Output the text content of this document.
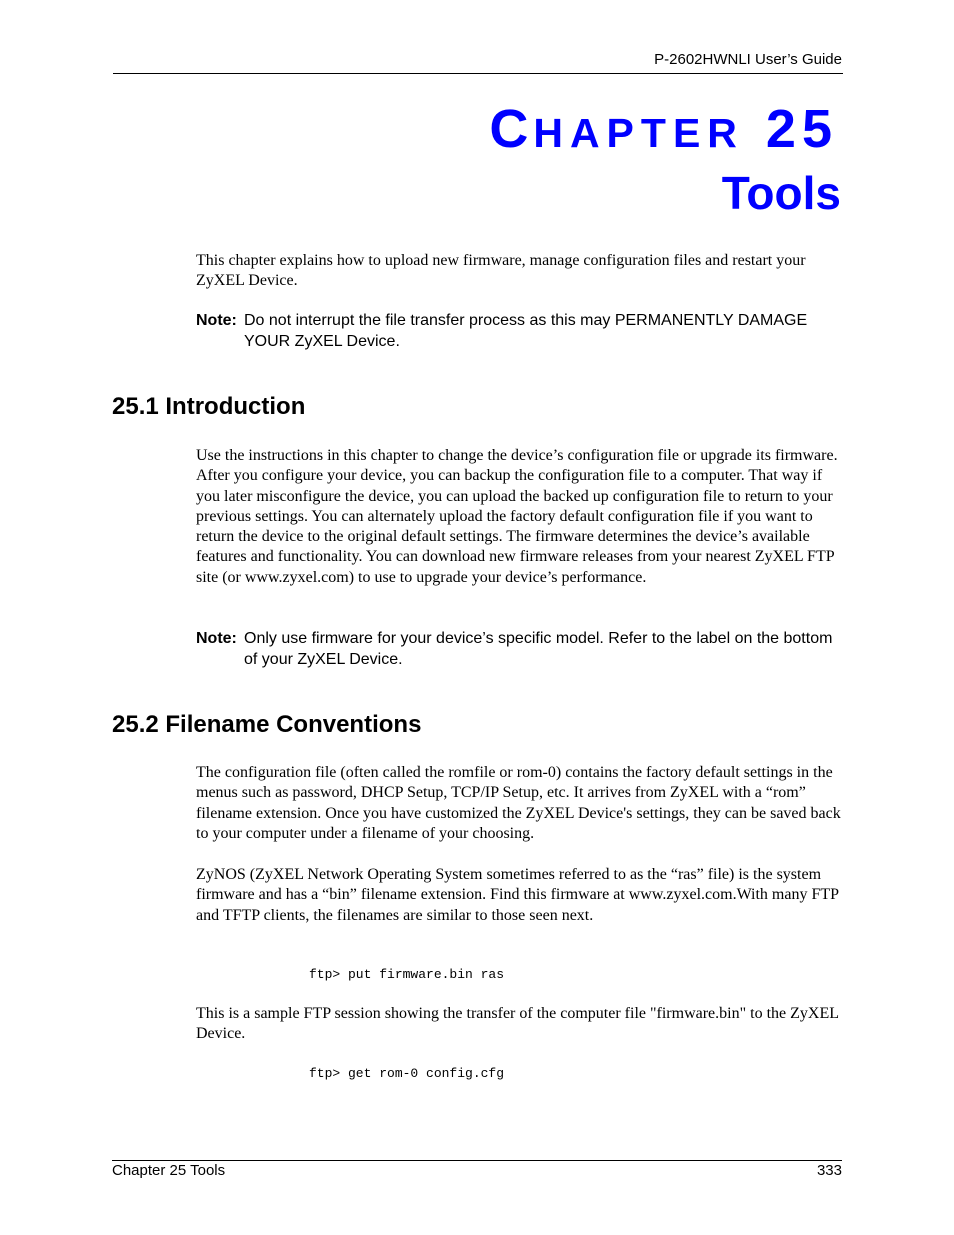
P-2602HWNLI User’s Guide
CHAPTER 25
Tools

This chapter explains how to upload new firmware, manage configuration files and restart your ZyXEL Device.

Note: Do not interrupt the file transfer process as this may PERMANENTLY DAMAGE YOUR ZyXEL Device.
25.1 Introduction

Use the instructions in this chapter to change the device’s configuration file or upgrade its firmware. After you configure your device, you can backup the configuration file to a computer. That way if you later misconfigure the device, you can upload the backed up configuration file to return to your previous settings. You can alternately upload the factory default configuration file if you want to return the device to the original default settings. The firmware determines the device’s available features and functionality. You can download new firmware releases from your nearest ZyXEL FTP site (or www.zyxel.com) to use to upgrade your device’s performance.

Note: Only use firmware for your device’s specific model. Refer to the label on the bottom of your ZyXEL Device.
25.2 Filename Conventions

The configuration file (often called the romfile or rom-0) contains the factory default settings in the menus such as password, DHCP Setup, TCP/IP Setup, etc. It arrives from ZyXEL with a “rom” filename extension. Once you have customized the ZyXEL Device's settings, they can be saved back to your computer under a filename of your choosing.

ZyNOS (ZyXEL Network Operating System sometimes referred to as the “ras” file) is the system firmware and has a “bin” filename extension. Find this firmware at www.zyxel.com.With many FTP and TFTP clients, the filenames are similar to those seen next.

ftp> put firmware.bin ras

This is a sample FTP session showing the transfer of the computer file "firmware.bin" to the ZyXEL Device.

ftp> get rom-0 config.cfg
Chapter 25 Tools	333
